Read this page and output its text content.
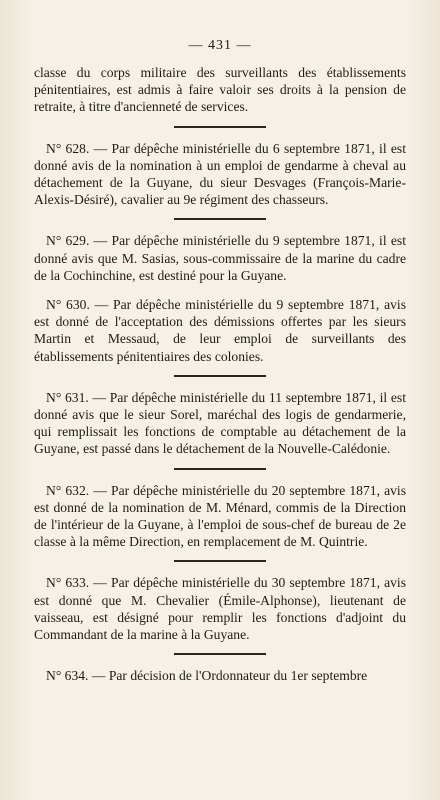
— 431 —

classe du corps militaire des surveillants des établissements pénitentiaires, est admis à faire valoir ses droits à la pension de retraite, à titre d'ancienneté de services.

N° 628. — Par dépêche ministérielle du 6 septembre 1871, il est donné avis de la nomination à un emploi de gendarme à cheval au détachement de la Guyane, du sieur Desvages (François-Marie-Alexis-Désiré), cavalier au 9e régiment des chasseurs.

N° 629. — Par dépêche ministérielle du 9 septembre 1871, il est donné avis que M. Sasias, sous-commissaire de la marine du cadre de la Cochinchine, est destiné pour la Guyane.

N° 630. — Par dépêche ministérielle du 9 septembre 1871, avis est donné de l'acceptation des démissions offertes par les sieurs Martin et Messaud, de leur emploi de surveillants des établissements pénitentiaires des colonies.

N° 631. — Par dépêche ministérielle du 11 septembre 1871, il est donné avis que le sieur Sorel, maréchal des logis de gendarmerie, qui remplissait les fonctions de comptable au détachement de la Guyane, est passé dans le détachement de la Nouvelle-Calédonie.

N° 632. — Par dépêche ministérielle du 20 septembre 1871, avis est donné de la nomination de M. Ménard, commis de la Direction de l'intérieur de la Guyane, à l'emploi de sous-chef de bureau de 2e classe à la même Direction, en remplacement de M. Quintrie.

N° 633. — Par dépêche ministérielle du 30 septembre 1871, avis est donné que M. Chevalier (Émile-Alphonse), lieutenant de vaisseau, est désigné pour remplir les fonctions d'adjoint du Commandant de la marine à la Guyane.

N° 634. — Par décision de l'Ordonnateur du 1er septembre
